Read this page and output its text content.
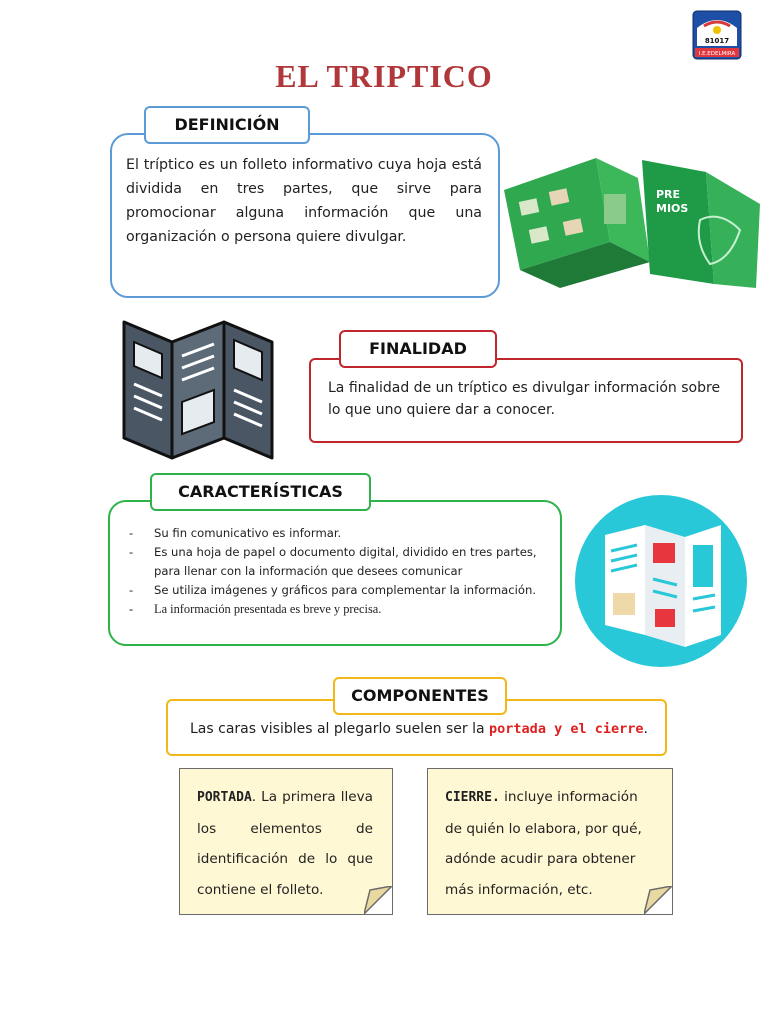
81017
I.E.EDELMIRA
EL TRIPTICO
DEFINICIÓN
El tríptico es un folleto informativo cuya hoja está dividida en tres partes, que sirve para promocionar alguna información que una organización o persona quiere divulgar.
PRE
MIOS
FINALIDAD
La finalidad de un tríptico es divulgar información sobre lo que uno quiere dar a conocer.
CARACTERÍSTICAS
- Su fin comunicativo es informar.
- Es una hoja de papel o documento digital, dividido en tres partes, para llenar con la información que desees comunicar
- Se utiliza imágenes y gráficos para complementar la información.
- La información presentada es breve y precisa.
COMPONENTES
Las caras visibles al plegarlo suelen ser la portada y el cierre.
PORTADA. La primera lleva los elementos de identificación de lo que contiene el folleto.
CIERRE. incluye información de quién lo elabora, por qué, adónde acudir para obtener más información, etc.
